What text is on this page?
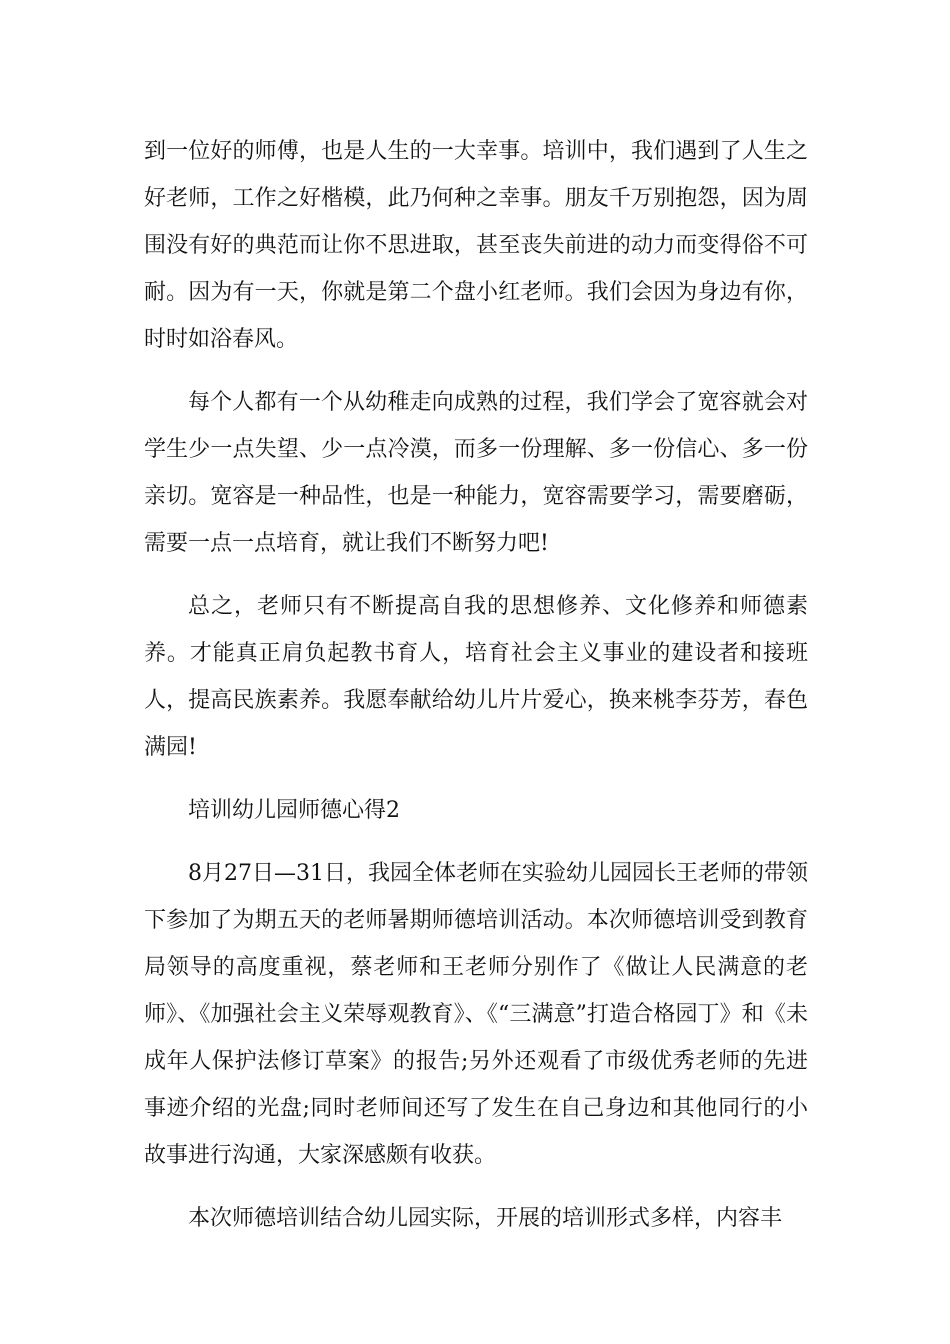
到一位好的师傅，也是人生的一大幸事。培训中，我们遇到了人生之好老师，工作之好楷模，此乃何种之幸事。朋友千万别抱怨，因为周围没有好的典范而让你不思进取，甚至丧失前进的动力而变得俗不可耐。因为有一天，你就是第二个盘小红老师。我们会因为身边有你，时时如浴春风。

每个人都有一个从幼稚走向成熟的过程，我们学会了宽容就会对学生少一点失望、少一点冷漠，而多一份理解、多一份信心、多一份亲切。宽容是一种品性，也是一种能力，宽容需要学习，需要磨砺，需要一点一点培育，就让我们不断努力吧!

总之，老师只有不断提高自我的思想修养、文化修养和师德素养。才能真正肩负起教书育人，培育社会主义事业的建设者和接班人，提高民族素养。我愿奉献给幼儿片片爱心，换来桃李芬芳，春色满园!

培训幼儿园师德心得2

8月27日—31日，我园全体老师在实验幼儿园园长王老师的带领下参加了为期五天的老师暑期师德培训活动。本次师德培训受到教育局领导的高度重视，蔡老师和王老师分别作了《做让人民满意的老师》、《加强社会主义荣辱观教育》、《“三满意”打造合格园丁》和《未成年人保护法修订草案》的报告;另外还观看了市级优秀老师的先进事迹介绍的光盘;同时老师间还写了发生在自己身边和其他同行的小故事进行沟通，大家深感颇有收获。

本次师德培训结合幼儿园实际，开展的培训形式多样，内容丰
